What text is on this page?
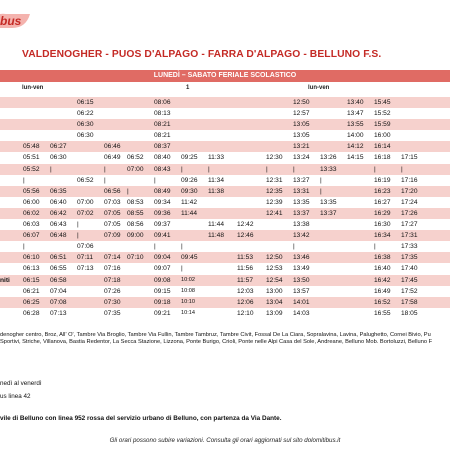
bus
VALDENOGHER - PUOS D'ALPAGO - FARRA D'ALPAGO - BELLUNO F.S.
LUNEDÌ – SABATO FERIALE SCOLASTICO
lun-ven	1	lun-ven
			06:15			08:06					12:50		13:40	15:45		
			06:22			08:13					12:57		13:47	15:52		
			06:30			08:21					13:05		13:55	15:59		
			06:30			08:21					13:05		14:00	16:00		
	05:48	06:27		06:46		08:37					13:21		14:12	16:14		
	05:51	06:30		06:49	06:52	08:40	09:25	11:33		12:30	13:24	13:26	14:15	16:18	17:15	
	05:52	|		|	07:00	08:43	|	|		|	|	13:33		|	|	
	|		06:52	|		|	09:26	11:34		12:31	13:27	|		16:19	17:16	
	05:56	06:35		06:56	|	08:49	09:30	11:38		12:35	13:31	|		16:23	17:20	
	06:00	06:40	07:00	07:03	08:53	09:34	11:42			12:39	13:35	13:35		16:27	17:24	
	06:02	06:42	07:02	07:05	08:55	09:36	11:44			12:41	13:37	13:37		16:29	17:26	
	06:03	06:43	|	07:05	08:56	09:37		11:44	12:42		13:38			16:30	17:27	
	06:07	06:48	|	07:09	09:00	09:41		11:48	12:46		13:42			16:34	17:31	
	|		07:06			|	|				|			|	17:33	
	06:10	06:51	07:11	07:14	07:10	09:04	09:45		11:53	12:50	13:46			16:38	17:35	
	06:13	06:55	07:13	07:16		09:07	|		11:56	12:53	13:49			16:40	17:40	
niti	06:15	06:58		07:18		09:08	10:02		11:57	12:54	13:50			16:42	17:45	
	06:21	07:04		07:26		09:15	10:08		12:03	13:00	13:57			16:49	17:52	
	06:25	07:08		07:30		09:18	10:10		12:06	13:04	14:01			16:52	17:58	
	06:28	07:13		07:35		09:21	10:14		12:10	13:09	14:03			16:55	18:05	
denogher centro, Broz, All' O', Tambre Via Broglio, Tambre Via Fullin, Tambre Tambruz, Tambre Civit, Fossal De La Ciara, Sopralavina, Lavina, Palughetto, Cornei Bivio, Pu
Sportivi, Striche, Villanova, Bastia Redentor, La Secca Stazione, Lizzona, Ponte Burigo, Crioli, Ponte nelle Alpi Casa del Sole, Andreane, Belluno Mob. Bortoluzzi, Belluno F
nedì al venerdì
us linea 42
vile di Belluno con linea 952 rossa del servizio urbano di Belluno, con partenza da Via Dante.
Gli orari possono subire variazioni. Consulta gli orari aggiornati sul sito dolomitibus.it
